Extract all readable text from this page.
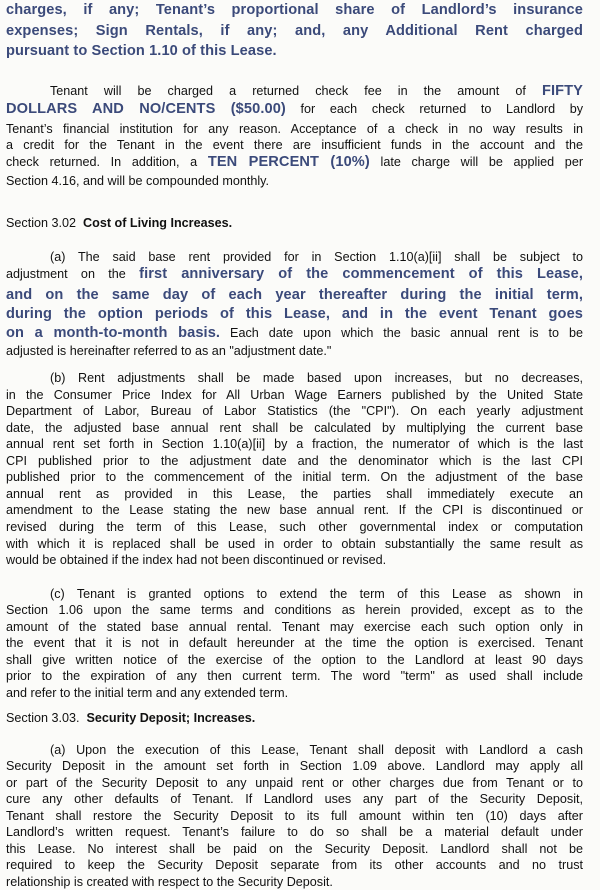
charges, if any; Tenant’s proportional share of Landlord’s insurance
expenses; Sign Rentals, if any; and, any Additional Rent charged
pursuant to Section 1.10 of this Lease.
Tenant will be charged a returned check fee in the amount of FIFTY
DOLLARS AND NO/CENTS ($50.00) for each check returned to Landlord by
Tenant’s financial institution for any reason. Acceptance of a check in no way results in
a credit for the Tenant in the event there are insufficient funds in the account and the
check returned. In addition, a TEN PERCENT (10%) late charge will be applied per
Section 4.16, and will be compounded monthly.
Section 3.02 Cost of Living Increases.
(a) The said base rent provided for in Section 1.10(a)[ii] shall be subject to
adjustment on the first anniversary of the commencement of this Lease,
and on the same day of each year thereafter during the initial term,
during the option periods of this Lease, and in the event Tenant goes
on a month-to-month basis. Each date upon which the basic annual rent is to be
adjusted is hereinafter referred to as an "adjustment date."
(b) Rent adjustments shall be made based upon increases, but no decreases,
in the Consumer Price Index for All Urban Wage Earners published by the United State
Department of Labor, Bureau of Labor Statistics (the "CPI"). On each yearly adjustment
date, the adjusted base annual rent shall be calculated by multiplying the current base
annual rent set forth in Section 1.10(a)[ii] by a fraction, the numerator of which is the last
CPI published prior to the adjustment date and the denominator which is the last CPI
published prior to the commencement of the initial term. On the adjustment of the base
annual rent as provided in this Lease, the parties shall immediately execute an
amendment to the Lease stating the new base annual rent. If the CPI is discontinued or
revised during the term of this Lease, such other governmental index or computation
with which it is replaced shall be used in order to obtain substantially the same result as
would be obtained if the index had not been discontinued or revised.
(c) Tenant is granted options to extend the term of this Lease as shown in
Section 1.06 upon the same terms and conditions as herein provided, except as to the
amount of the stated base annual rental. Tenant may exercise each such option only in
the event that it is not in default hereunder at the time the option is exercised. Tenant
shall give written notice of the exercise of the option to the Landlord at least 90 days
prior to the expiration of any then current term. The word "term" as used shall include
and refer to the initial term and any extended term.
Section 3.03. Security Deposit; Increases.
(a) Upon the execution of this Lease, Tenant shall deposit with Landlord a cash
Security Deposit in the amount set forth in Section 1.09 above. Landlord may apply all
or part of the Security Deposit to any unpaid rent or other charges due from Tenant or to
cure any other defaults of Tenant. If Landlord uses any part of the Security Deposit,
Tenant shall restore the Security Deposit to its full amount within ten (10) days after
Landlord’s written request. Tenant’s failure to do so shall be a material default under
this Lease. No interest shall be paid on the Security Deposit. Landlord shall not be
required to keep the Security Deposit separate from its other accounts and no trust
relationship is created with respect to the Security Deposit.
